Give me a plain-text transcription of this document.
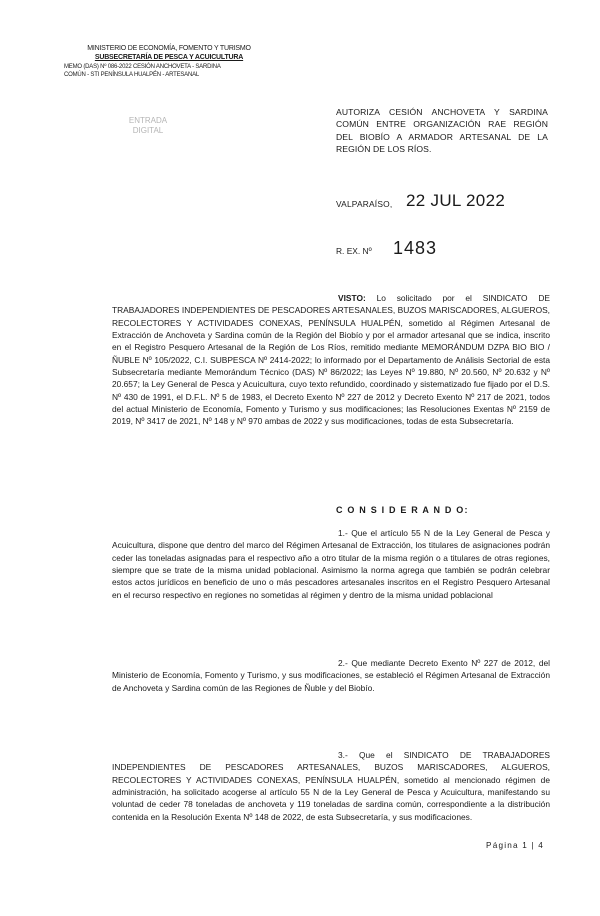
MINISTERIO DE ECONOMÍA, FOMENTO Y TURISMO
SUBSECRETARÍA DE PESCA Y ACUICULTURA
MEMO (DAS) Nº 086-2022 CESIÓN ANCHOVETA - SARDINA
COMÚN - STI PENÍNSULA HUALPÉN - ARTESANAL
ENTRADA
DIGITAL
AUTORIZA CESIÓN ANCHOVETA Y SARDINA COMÚN ENTRE ORGANIZACIÓN RAE REGIÓN DEL BIOBÍO A ARMADOR ARTESANAL DE LA REGIÓN DE LOS RÍOS.
VALPARAÍSO, 22 JUL 2022
R. EX. Nº 1483
VISTO: Lo solicitado por el SINDICATO DE TRABAJADORES INDEPENDIENTES DE PESCADORES ARTESANALES, BUZOS MARISCADORES, ALGUEROS, RECOLECTORES Y ACTIVIDADES CONEXAS, PENÍNSULA HUALPÉN, sometido al Régimen Artesanal de Extracción de Anchoveta y Sardina común de la Región del Biobío y por el armador artesanal que se indica, inscrito en el Registro Pesquero Artesanal de la Región de Los Ríos, remitido mediante MEMORÁNDUM DZPA BIO BIO /ÑUBLE Nº 105/2022, C.I. SUBPESCA Nº 2414-2022; lo informado por el Departamento de Análisis Sectorial de esta Subsecretaría mediante Memorándum Técnico (DAS) Nº 86/2022; las Leyes Nº 19.880, Nº 20.560, Nº 20.632 y Nº 20.657; la Ley General de Pesca y Acuicultura, cuyo texto refundido, coordinado y sistematizado fue fijado por el D.S. Nº 430 de 1991, el D.F.L. Nº 5 de 1983, el Decreto Exento Nº 227 de 2012 y Decreto Exento Nº 217 de 2021, todos del actual Ministerio de Economía, Fomento y Turismo y sus modificaciones; las Resoluciones Exentas Nº 2159 de 2019, Nº 3417 de 2021, Nº 148 y Nº 970 ambas de 2022 y sus modificaciones, todas de esta Subsecretaría.
C O N S I D E R A N D O:
1.- Que el artículo 55 N de la Ley General de Pesca y Acuicultura, dispone que dentro del marco del Régimen Artesanal de Extracción, los titulares de asignaciones podrán ceder las toneladas asignadas para el respectivo año a otro titular de la misma región o a titulares de otras regiones, siempre que se trate de la misma unidad poblacional. Asimismo la norma agrega que también se podrán celebrar estos actos jurídicos en beneficio de uno o más pescadores artesanales inscritos en el Registro Pesquero Artesanal en el recurso respectivo en regiones no sometidas al régimen y dentro de la misma unidad poblacional
2.- Que mediante Decreto Exento Nº 227 de 2012, del Ministerio de Economía, Fomento y Turismo, y sus modificaciones, se estableció el Régimen Artesanal de Extracción de Anchoveta y Sardina común de las Regiones de Ñuble y del Biobío.
3.- Que el SINDICATO DE TRABAJADORES INDEPENDIENTES DE PESCADORES ARTESANALES, BUZOS MARISCADORES, ALGUEROS, RECOLECTORES Y ACTIVIDADES CONEXAS, PENÍNSULA HUALPÉN, sometido al mencionado régimen de administración, ha solicitado acogerse al artículo 55 N de la Ley General de Pesca y Acuicultura, manifestando su voluntad de ceder 78 toneladas de anchoveta y 119 toneladas de sardina común, correspondiente a la distribución contenida en la Resolución Exenta Nº 148 de 2022, de esta Subsecretaría, y sus modificaciones.
Página 1 | 4
